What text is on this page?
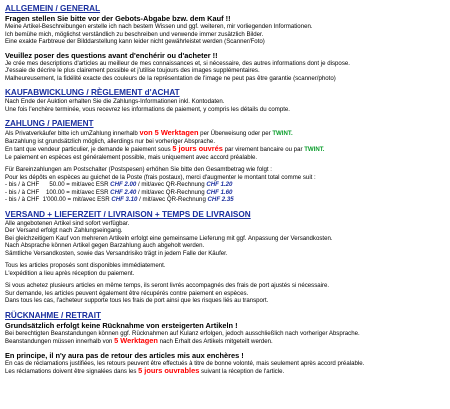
ALLGEMEIN / GENERAL
Fragen stellen Sie bitte vor der Gebots-Abgabe bzw. dem Kauf !!
Meine Artikel-Beschreibungen erstelle ich nach bestem Wissen und ggf. weiteren, mir vorliegenden Informationen.
Ich bemühe mich, möglichst verständlich zu beschreiben und verwende immer zusätzlich Bilder.
Eine exakte Farbtreue der Bilddarstellung kann leider nicht gewährleistet werden (Scanner/Foto)
Veuillez poser des questions avant d'enchérir ou d'acheter !!
Je crée mes descriptions d'articles au meilleur de mes connaissances et, si nécessaire, des autres informations dont je dispose.
J'essaie de décrire le plus clairement possible et j'utilise toujours des images supplémentaires.
Malheureusement, la fidélité exacte des couleurs de la représentation de l'image ne peut pas être garantie (scanner/photo)
KAUFABWICKLUNG / RÈGLEMENT d'ACHAT
Nach Ende der Auktion erhalten Sie die Zahlungs-Informationen inkl. Kontodaten.
Une fois l'enchère terminée, vous recevrez les informations de paiement, y compris les détails du compte.
ZAHLUNG / PAIEMENT
Als Privatverkäufer bitte ich umZahlung innerhalb von 5 Werktagen per Überweisung oder per TWINT.
Barzahlung ist grundsätzlich möglich, allerdings nur bei vorheriger Absprache.
En tant que vendeur particulier, je demande le paiement sous 5 jours ouvrés par virement bancaire ou par TWINT.
Le paiement en espèces est généralement possible, mais uniquement avec accord préalable.
Für Bareinzahlungen am Postschalter (Postspesen) erhöhen Sie bitte den Gesamtbetrag wie folgt :
Pour les dépôts en espèces au guichet de la Poste (frais postaux), merci d'augmenter le montant total comme suit :
- bis / à CHF      50.00 = mit/avec ESR CHF 2.00 / mit/avec QR-Rechnung CHF 1.20
- bis / à CHF    100.00 = mit/avec ESR CHF 2.40 / mit/avec QR-Rechnung CHF 1.60
- bis / à CHF  1'000.00 = mit/avec ESR CHF 3.10 / mit/avec QR-Rechnung CHF 2.35
VERSAND + LIEFERZEIT / LIVRAISON + TEMPS DE LIVRAISON
Alle angebotenen Artikel sind sofort verfügbar.
Der Versand erfolgt nach Zahlungseingang.
Bei gleichzeitigem Kauf von mehreren Artikeln erfolgt eine gemeinsame Lieferung mit ggf. Anpassung der Versandkosten.
Nach Absprache können Artikel gegen Barzahlung auch abgeholt werden.
Sämtliche Versandkosten, sowie das Versandrisiko trägt in jedem Falle der Käufer.
Tous les articles proposés sont disponibles immédiatement.
L'expédition a lieu après réception du paiement.
Si vous achetez plusieurs articles en même temps, ils seront livrés accompagnés des frais de port ajustés si nécessaire.
Sur demande, les articles peuvent également être récupérés contre paiement en espèces.
Dans tous les cas, l'acheteur supporte tous les frais de port ainsi que les risques liés au transport.
RÜCKNAHME / RETRAIT
Grundsätzlich erfolgt keine Rücknahme von ersteigerten Artikeln !
Bei berechtigten Beanstandungen können ggf. Rücknahmen auf Kulanz erfolgen, jedoch ausschließlich nach vorheriger Absprache.
Beanstandungen müssen innerhalb von 5 Werktagen nach Erhalt des Artikels mitgeteilt werden.
En principe, il n'y aura pas de retour des articles mis aux enchères !
En cas de réclamations justifiées, les retours peuvent être effectués à titre de bonne volonté, mais seulement après accord préalable.
Les réclamations doivent être signalées dans les 5 jours ouvrables suivant la réception de l'article.
